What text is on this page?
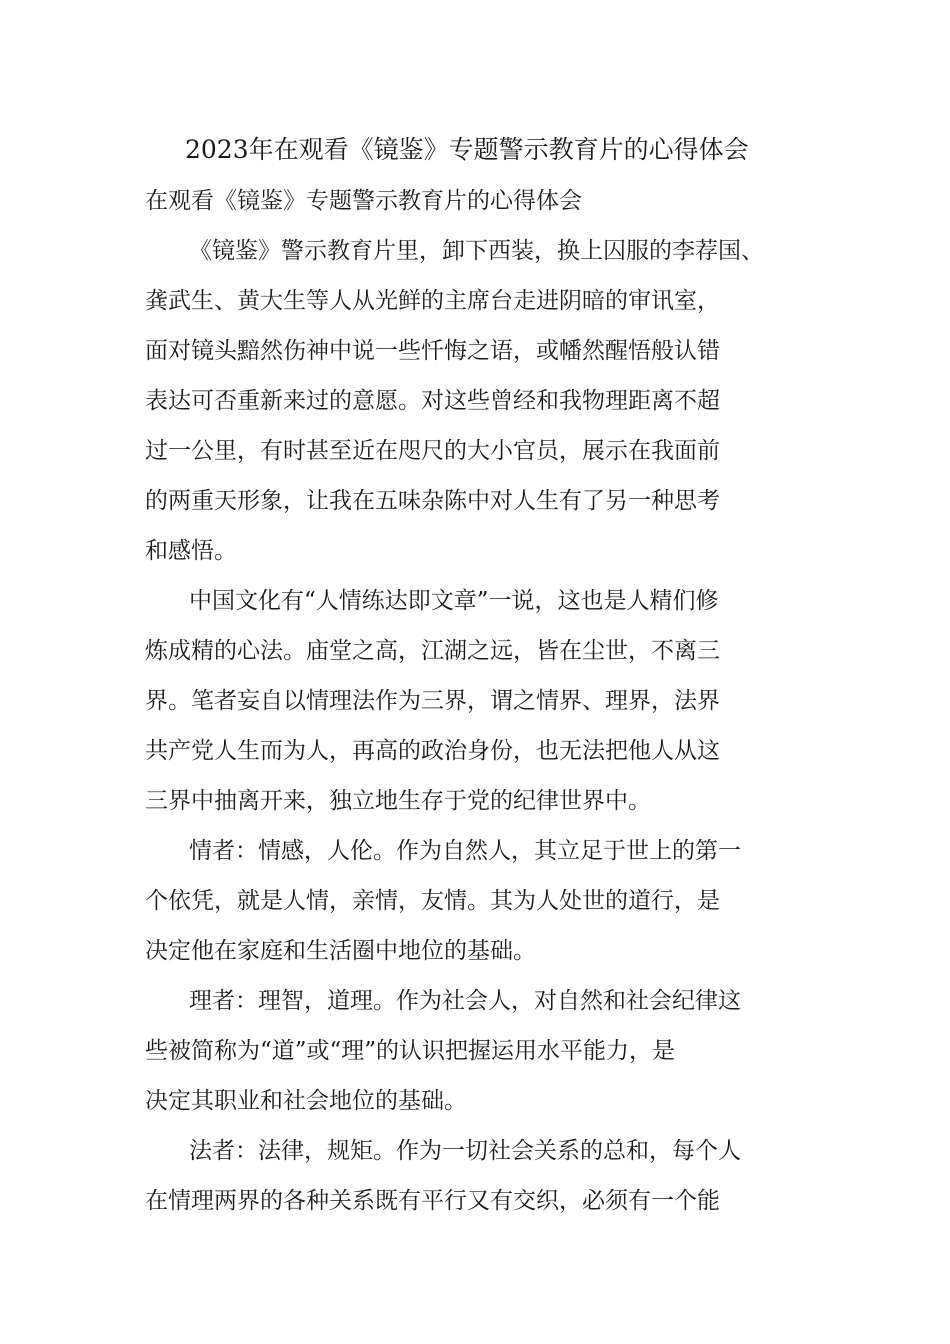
2023年在观看《镜鉴》专题警示教育片的心得体会
在观看《镜鉴》专题警示教育片的心得体会
《镜鉴》警示教育片里，卸下西装，换上囚服的李荐国、
龚武生、黄大生等人从光鲜的主席台走进阴暗的审讯室，
面对镜头黯然伤神中说一些忏悔之语，或幡然醒悟般认错
表达可否重新来过的意愿。对这些曾经和我物理距离不超
过一公里，有时甚至近在咫尺的大小官员，展示在我面前
的两重天形象，让我在五味杂陈中对人生有了另一种思考
和感悟。
中国文化有“人情练达即文章”一说，这也是人精们修
炼成精的心法。庙堂之高，江湖之远，皆在尘世，不离三
界。笔者妄自以情理法作为三界，谓之情界、理界，法界
共产党人生而为人，再高的政治身份，也无法把他人从这
三界中抽离开来，独立地生存于党的纪律世界中。
情者：情感，人伦。作为自然人，其立足于世上的第一
个依凭，就是人情，亲情，友情。其为人处世的道行，是
决定他在家庭和生活圈中地位的基础。
理者：理智，道理。作为社会人，对自然和社会纪律这
些被简称为“道”或“理”的认识把握运用水平能力，是
决定其职业和社会地位的基础。
法者：法律，规矩。作为一切社会关系的总和，每个人
在情理两界的各种关系既有平行又有交织，必须有一个能
